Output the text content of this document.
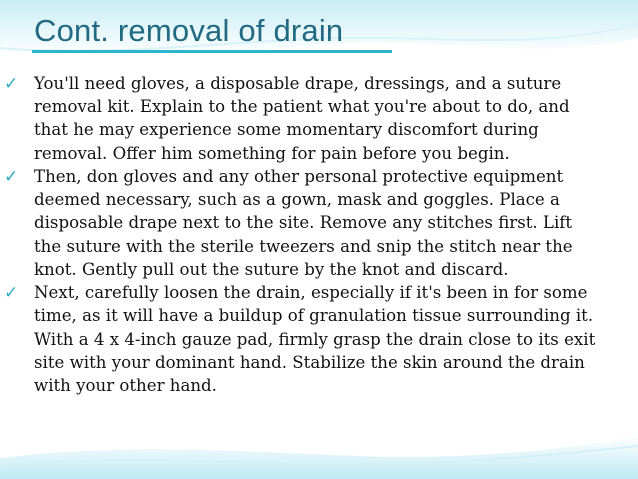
Cont. removal of drain
✓ You'll need gloves, a disposable drape, dressings, and a suture removal kit. Explain to the patient what you're about to do, and that he may experience some momentary discomfort during removal. Offer him something for pain before you begin.
✓ Then, don gloves and any other personal protective equipment deemed necessary, such as a gown, mask and goggles. Place a disposable drape next to the site. Remove any stitches first. Lift the suture with the sterile tweezers and snip the stitch near the knot. Gently pull out the suture by the knot and discard.
✓ Next, carefully loosen the drain, especially if it's been in for some time, as it will have a buildup of granulation tissue surrounding it. With a 4 x 4-inch gauze pad, firmly grasp the drain close to its exit site with your dominant hand. Stabilize the skin around the drain with your other hand.
